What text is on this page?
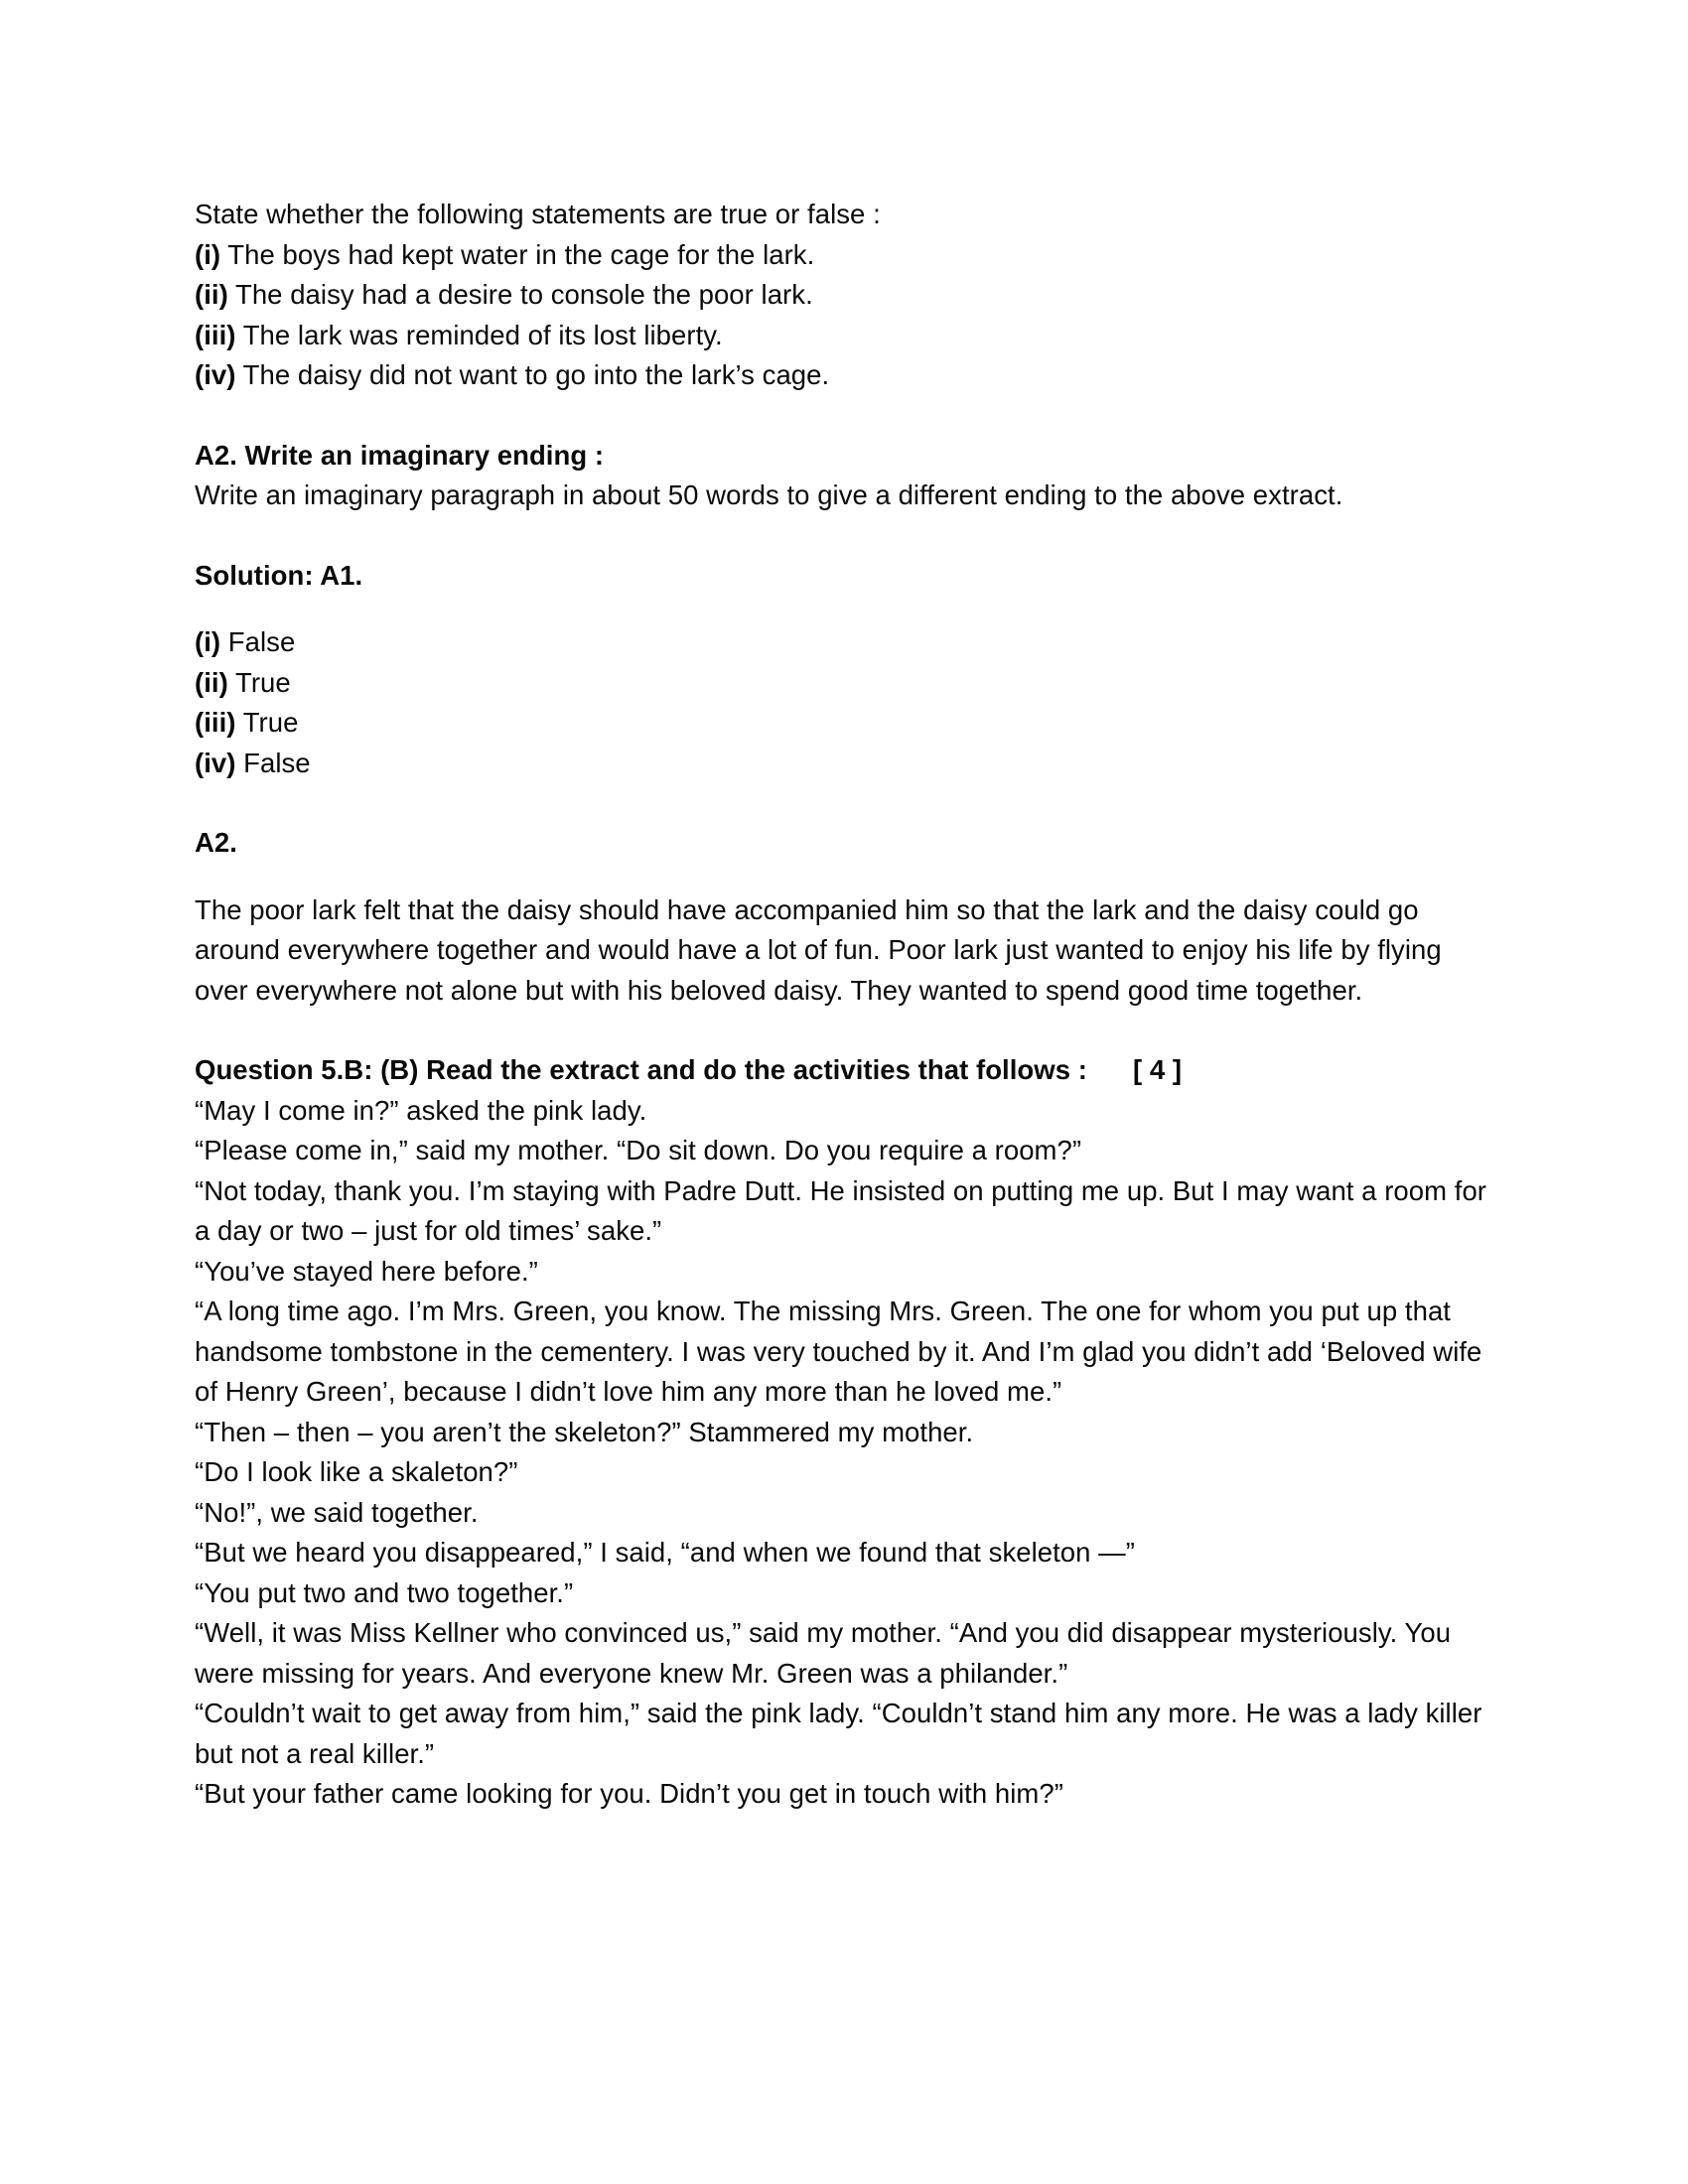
State whether the following statements are true or false :

(i) The boys had kept water in the cage for the lark.

(ii) The daisy had a desire to console the poor lark.

(iii) The lark was reminded of its lost liberty.

(iv) The daisy did not want to go into the lark’s cage.

A2. Write an imaginary ending :

Write an imaginary paragraph in about 50 words to give a different ending to the above extract.

Solution: A1.

(i) False

(ii) True

(iii) True

(iv) False

A2.

The poor lark felt that the daisy should have accompanied him so that the lark and the daisy could go around everywhere together and would have a lot of fun. Poor lark just wanted to enjoy his life by flying over everywhere not alone but with his beloved daisy. They wanted to spend good time together.

Question 5.B: (B) Read the extract and do the activities that follows : [ 4 ]

“May I come in?” asked the pink lady.

“Please come in,” said my mother. “Do sit down. Do you require a room?”

“Not today, thank you. I’m staying with Padre Dutt. He insisted on putting me up. But I may want a room for a day or two – just for old times’ sake.”

“You’ve stayed here before.”

“A long time ago. I’m Mrs. Green, you know. The missing Mrs. Green. The one for whom you put up that handsome tombstone in the cementery. I was very touched by it. And I’m glad you didn’t add ‘Beloved wife of Henry Green’, because I didn’t love him any more than he loved me.”

“Then – then – you aren’t the skeleton?” Stammered my mother.

“Do I look like a skaleton?”

“No!”, we said together.

“But we heard you disappeared,” I said, “and when we found that skeleton —”

“You put two and two together.”

“Well, it was Miss Kellner who convinced us,” said my mother. “And you did disappear mysteriously. You

were missing for years. And everyone knew Mr. Green was a philander.”

“Couldn’t wait to get away from him,” said the pink lady. “Couldn’t stand him any more. He was a lady killer

but not a real killer.”

“But your father came looking for you. Didn’t you get in touch with him?”
